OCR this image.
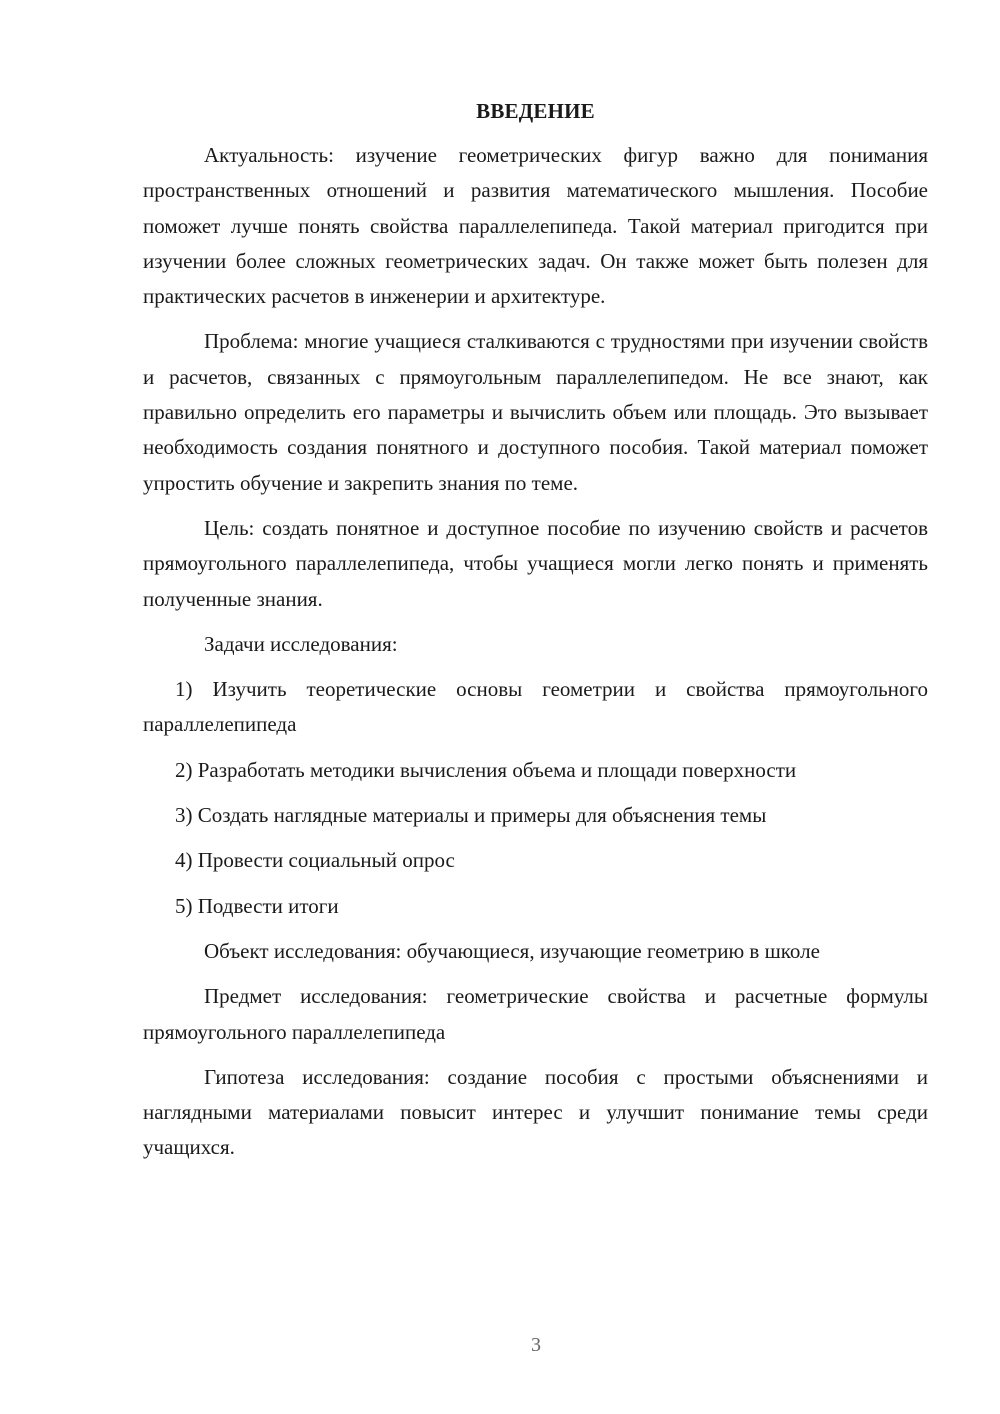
ВВЕДЕНИЕ

Актуальность: изучение геометрических фигур важно для понимания пространственных отношений и развития математического мышления. Пособие поможет лучше понять свойства параллелепипеда. Такой материал пригодится при изучении более сложных геометрических задач. Он также может быть полезен для практических расчетов в инженерии и архитектуре.

Проблема: многие учащиеся сталкиваются с трудностями при изучении свойств и расчетов, связанных с прямоугольным параллелепипедом. Не все знают, как правильно определить его параметры и вычислить объем или площадь. Это вызывает необходимость создания понятного и доступного пособия. Такой материал поможет упростить обучение и закрепить знания по теме.

Цель: создать понятное и доступное пособие по изучению свойств и расчетов прямоугольного параллелепипеда, чтобы учащиеся могли легко понять и применять полученные знания.

Задачи исследования:

1) Изучить теоретические основы геометрии и свойства прямоугольного параллелепипеда

2) Разработать методики вычисления объема и площади поверхности

3) Создать наглядные материалы и примеры для объяснения темы

4) Провести социальный опрос

5) Подвести итоги

Объект исследования: обучающиеся, изучающие геометрию в школе

Предмет исследования: геометрические свойства и расчетные формулы прямоугольного параллелепипеда

Гипотеза исследования: создание пособия с простыми объяснениями и наглядными материалами повысит интерес и улучшит понимание темы среди учащихся.

3
